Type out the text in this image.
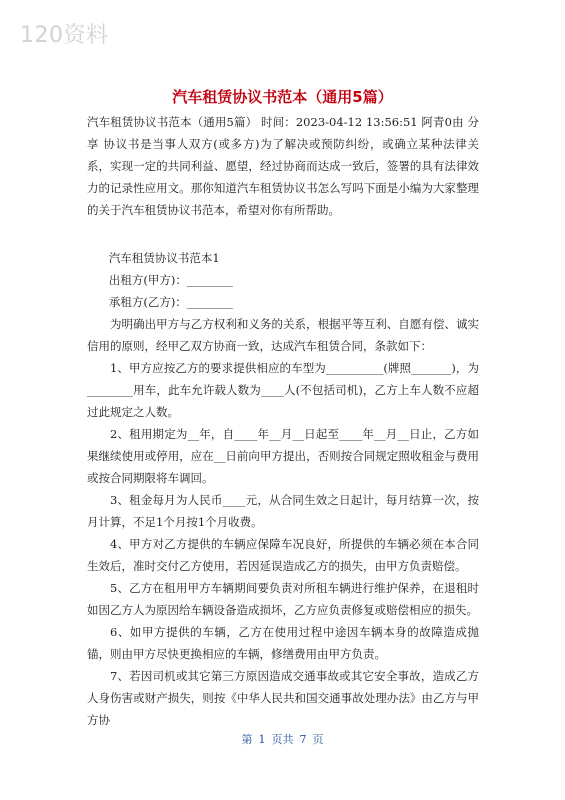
120资料
汽车租赁协议书范本（通用5篇）

汽车租赁协议书范本（通用5篇） 时间：2023-04-12 13:56:51 阿青0由 分享 协议书是当事人双方(或多方)为了解决或预防纠纷，或确立某种法律关系，实现一定的共同利益、愿望，经过协商而达成一致后，签署的具有法律效力的记录性应用文。那你知道汽车租赁协议书怎么写吗下面是小编为大家整理的关于汽车租赁协议书范本，希望对你有所帮助。

汽车租赁协议书范本1

出租方(甲方)：________

承租方(乙方)：________

为明确出甲方与乙方权利和义务的关系，根据平等互利、自愿有偿、诚实信用的原则，经甲乙双方协商一致，达成汽车租赁合同，条款如下：

1、甲方应按乙方的要求提供相应的车型为__________(牌照_______)，为________用车，此车允许载人数为____人(不包括司机)，乙方上车人数不应超过此规定之人数。

2、租用期定为__年，自____年__月__日起至____年__月__日止，乙方如果继续使用或停用，应在__日前向甲方提出，否则按合同规定照收租金与费用或按合同期限将车调回。

3、租金每月为人民币____元，从合同生效之日起计，每月结算一次，按月计算，不足1个月按1个月收费。

4、甲方对乙方提供的车辆应保障车况良好，所提供的车辆必须在本合同生效后，准时交付乙方使用，若因延误造成乙方的损失，由甲方负责赔偿。

5、乙方在租用甲方车辆期间要负责对所租车辆进行维护保养，在退租时如因乙方人为原因给车辆设备造成损坏，乙方应负责修复或赔偿相应的损失。

6、如甲方提供的车辆，乙方在使用过程中途因车辆本身的故障造成抛锚，则由甲方尽快更换相应的车辆，修缮费用由甲方负责。

7、若因司机或其它第三方原因造成交通事故或其它安全事故，造成乙方人身伤害或财产损失，则按《中华人民共和国交通事故处理办法》由乙方与甲方协

第 1 页共 7 页
